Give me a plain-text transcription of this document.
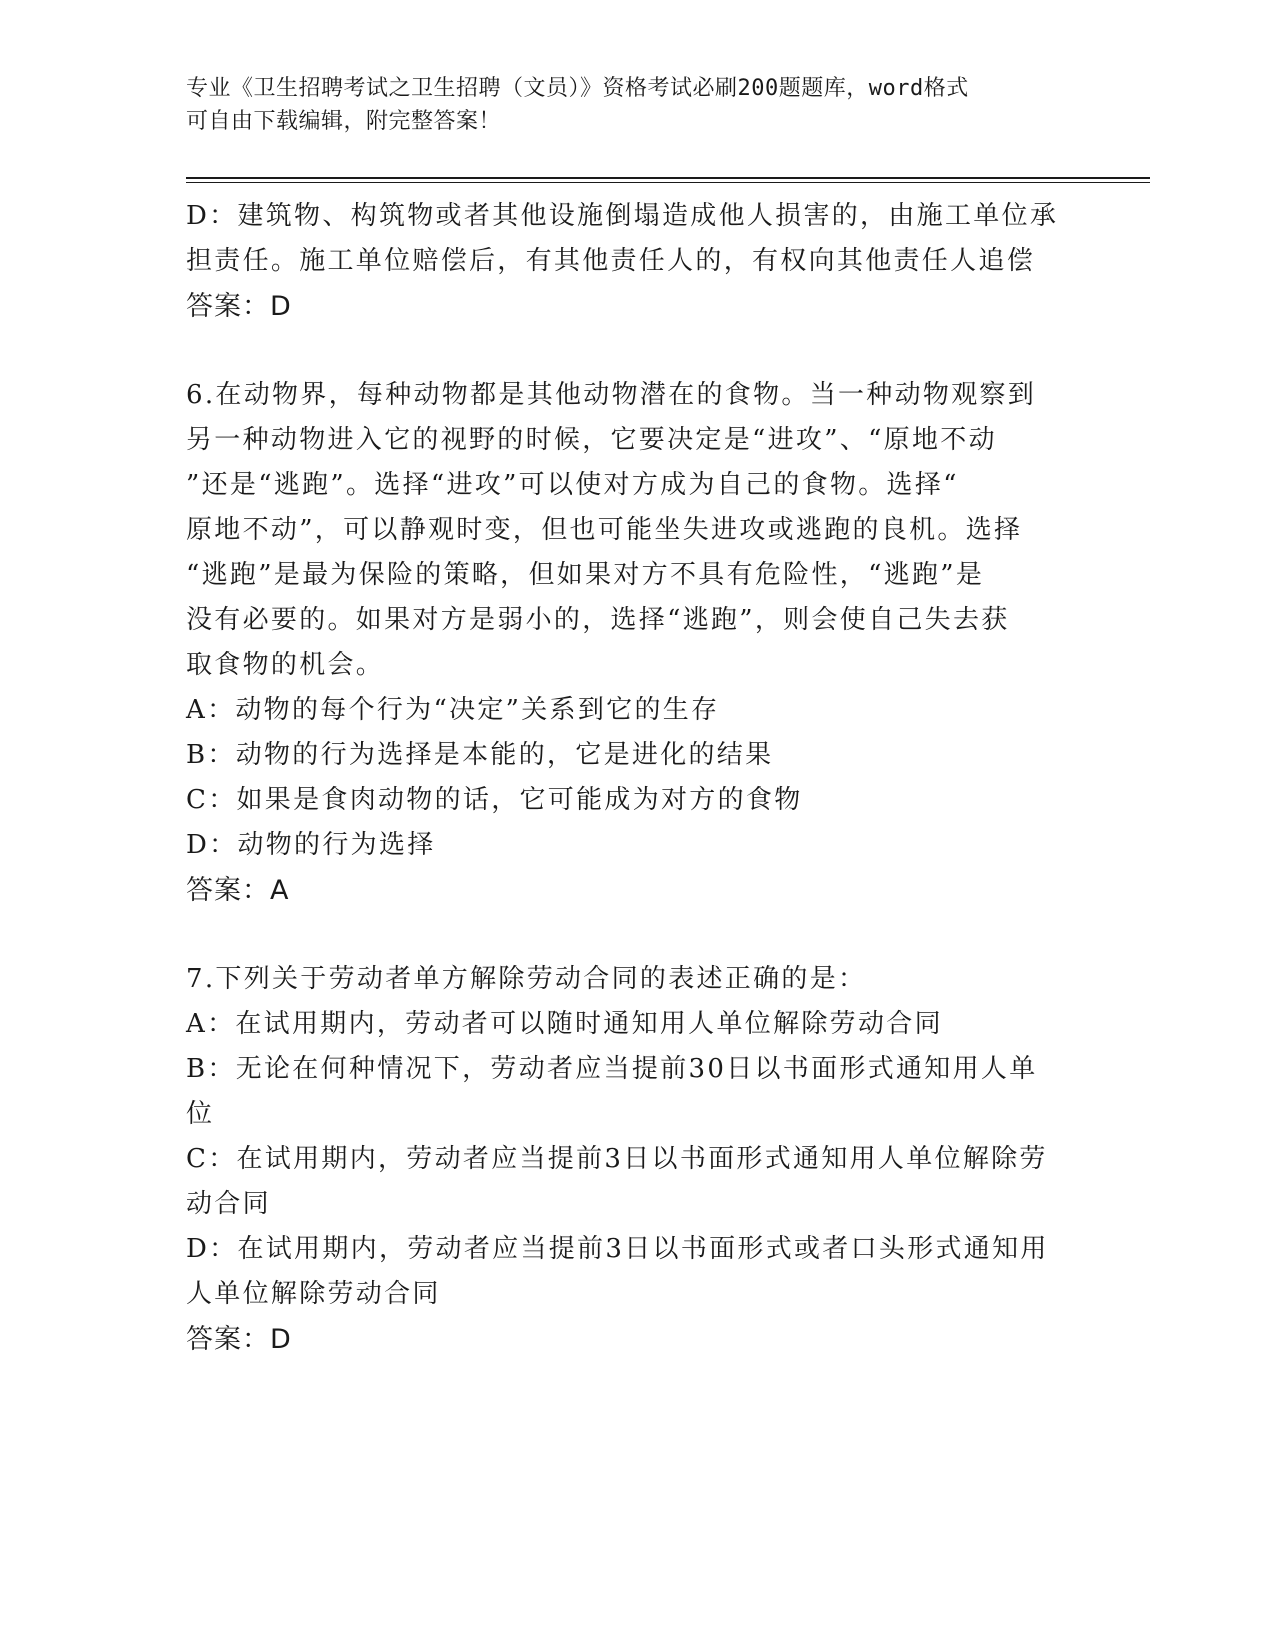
专业《卫生招聘考试之卫生招聘（文员）》资格考试必刷200题题库，word格式
可自由下载编辑，附完整答案！
D：建筑物、构筑物或者其他设施倒塌造成他人损害的，由施工单位承
担责任。施工单位赔偿后，有其他责任人的，有权向其他责任人追偿
答案：D
6.在动物界，每种动物都是其他动物潜在的食物。当一种动物观察到
另一种动物进入它的视野的时候，它要决定是“进攻”、“原地不动
”还是“逃跑”。选择“进攻”可以使对方成为自己的食物。选择“
原地不动”，可以静观时变，但也可能坐失进攻或逃跑的良机。选择
“逃跑”是最为保险的策略，但如果对方不具有危险性，“逃跑”是
没有必要的。如果对方是弱小的，选择“逃跑”，则会使自己失去获
取食物的机会。
A：动物的每个行为“决定”关系到它的生存
B：动物的行为选择是本能的，它是进化的结果
C：如果是食肉动物的话，它可能成为对方的食物
D：动物的行为选择
答案：A
7.下列关于劳动者单方解除劳动合同的表述正确的是：
A：在试用期内，劳动者可以随时通知用人单位解除劳动合同
B：无论在何种情况下，劳动者应当提前30日以书面形式通知用人单
位
C：在试用期内，劳动者应当提前3日以书面形式通知用人单位解除劳
动合同
D：在试用期内，劳动者应当提前3日以书面形式或者口头形式通知用
人单位解除劳动合同
答案：D
